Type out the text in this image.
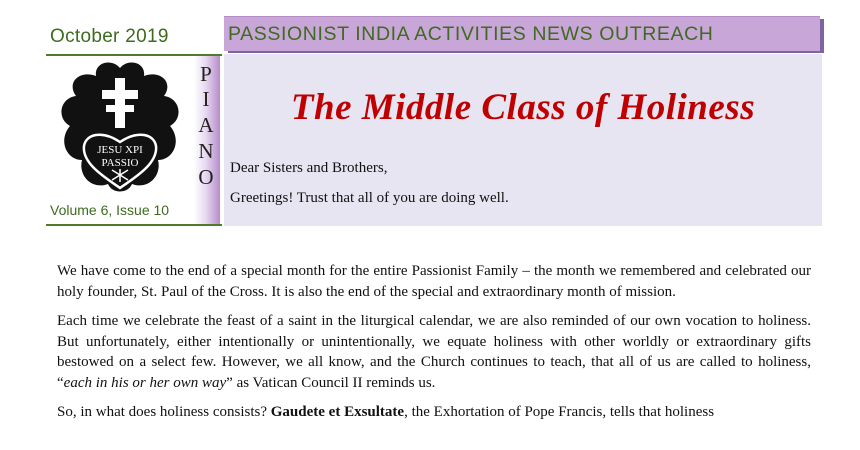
October 2019	PASSIONIST INDIA ACTIVITIES NEWS OUTREACH
JESU XPI
PASSIO
P
I
A
N
O
Volume 6, Issue 10
The Middle Class of Holiness
Dear Sisters and Brothers,
Greetings! Trust that all of you are doing well.

We have come to the end of a special month for the entire Passionist Family – the month we remembered and celebrated our holy founder, St. Paul of the Cross. It is also the end of the special and extraordinary month of mission.

Each time we celebrate the feast of a saint in the liturgical calendar, we are also reminded of our own vocation to holiness. But unfortunately, either intentionally or unintentionally, we equate holiness with other worldly or extraordinary gifts bestowed on a select few. However, we all know, and the Church continues to teach, that all of us are called to holiness, “each in his or her own way” as Vatican Council II reminds us.

So, in what does holiness consists? Gaudete et Exsultate, the Exhortation of Pope Francis, tells that holiness
